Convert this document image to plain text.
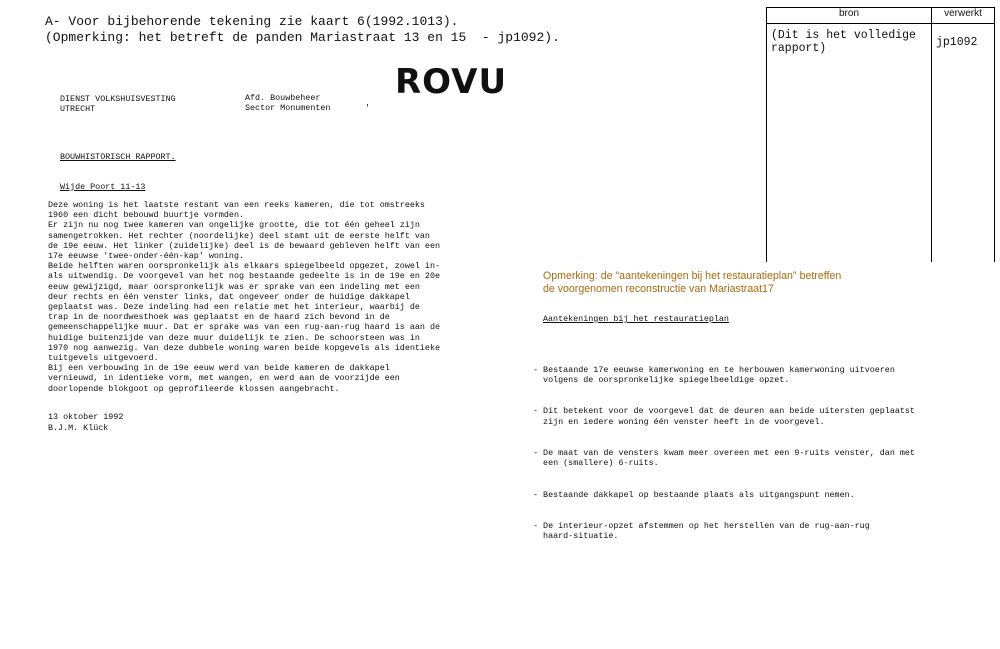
A- Voor bijbehorende tekening zie kaart 6(1992.1013).
(Opmerking: het betreft de panden Mariastraat 13 en 15  - jp1092).
ROVU
DIENST VOLKSHUISVESTING
UTRECHT
Afd. Bouwbeheer
Sector Monumenten	'
BOUWHISTORISCH RAPPORT.
Wijde Poort 11-13
Deze woning is het laatste restant van een reeks kameren, die tot omstreeks
1960 een dicht bebouwd buurtje vormden.
Er zijn nu nog twee kameren van ongelijke grootte, die tot één geheel zijn
samengetrokken. Het rechter (noordelijke) deel stamt uit de eerste helft van
de 19e eeuw. Het linker (zuidelijke) deel is de bewaard gebleven helft van een
17e eeuwse 'twee-onder-één-kap' woning.
Beide helften waren oorspronkelijk als elkaars spiegelbeeld opgezet, zowel in-
als uitwendig. De voorgevel van het nog bestaande gedeelte is in de 19e en 20e
eeuw gewijzigd, maar oorspronkelijk was er sprake van een indeling met een
deur rechts en één venster links, dat ongeveer onder de huidige dakkapel
geplaatst was. Deze indeling had een relatie met het interieur, waarbij de
trap in de noordwesthoek was geplaatst en de haard zich bevond in de
gemeenschappelijke muur. Dat er sprake was van een rug-aan-rug haard is aan de
huidige buitenzijde van deze muur duidelijk te zien. De schoorsteen was in
1970 nog aanwezig. Van deze dubbele woning waren beide kopgevels als identieke
tuitgevels uitgevoerd.
Bij een verbouwing in de 19e eeuw werd van beide kameren de dakkapel
vernieuwd, in identieke vorm, met wangen, en werd aan de voorzijde een
doorlopende blokgoot op geprofileerde klossen aangebracht.
13 oktober 1992
B.J.M. Klück
Opmerking: de "aantekeningen bij het restauratieplan" betreffen
de voorgenomen reconstructie van Mariastraat17
Aantekeningen bij het restauratieplan

- Bestaande 17e eeuwse kamerwoning en te herbouwen kamerwoning uitvoeren
volgens de oorspronkelijke spiegelbeeldige opzet.

- Dit betekent voor de voorgevel dat de deuren aan beide uitersten geplaatst
zijn en iedere woning één venster heeft in de voorgevel.

- De maat van de vensters kwam meer overeen met een 9-ruits venster, dan met
een (smallere) 6-ruits.

- Bestaande dakkapel op bestaande plaats als uitgangspunt nemen.

- De interieur-opzet afstemmen op het herstellen van de rug-aan-rug
haard-situatie.

bron	verwerkt
(Dit is het volledige
rapport)	jp1092
